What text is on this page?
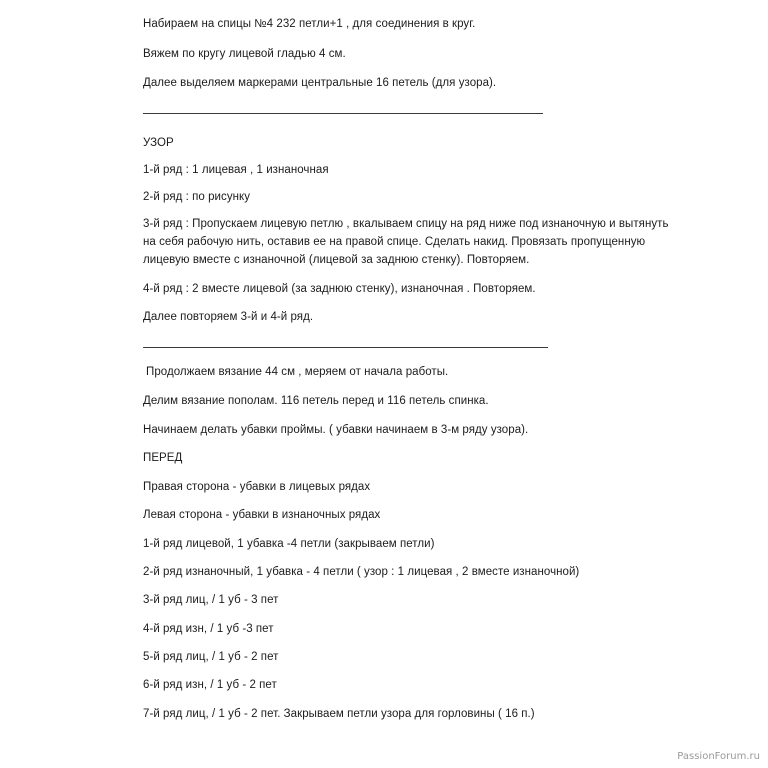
Набираем на спицы №4 232 петли+1 , для соединения в круг.
Вяжем по кругу лицевой гладью 4 см.
Далее выделяем маркерами центральные 16 петель (для узора).
УЗОР
1-й ряд : 1 лицевая , 1 изнаночная
2-й ряд : по рисунку
3-й ряд : Пропускаем лицевую петлю , вкалываем спицу на ряд ниже под изнаночную и вытянуть
на себя рабочую нить, оставив ее на правой спице. Сделать накид. Провязать пропущенную
лицевую вместе с изнаночной (лицевой за заднюю стенку). Повторяем.
4-й ряд : 2 вместе лицевой (за заднюю стенку), изнаночная . Повторяем.
Далее повторяем 3-й и 4-й ряд.
Продолжаем вязание 44 см , меряем от начала работы.
Делим вязание пополам. 116 петель перед и 116 петель спинка.
Начинаем делать убавки проймы. ( убавки начинаем в 3-м ряду узора).
ПЕРЕД
Правая сторона - убавки в лицевых рядах
Левая сторона - убавки в изнаночных рядах
1-й ряд лицевой, 1 убавка -4 петли (закрываем петли)
2-й ряд изнаночный, 1 убавка - 4 петли ( узор : 1 лицевая , 2 вместе изнаночной)
3-й ряд лиц, / 1 уб - 3 пет
4-й ряд изн, / 1 уб -3 пет
5-й ряд лиц, / 1 уб - 2 пет
6-й ряд изн, / 1 уб - 2 пет
7-й ряд лиц, / 1 уб - 2 пет. Закрываем петли узора для горловины ( 16 п.)
PassionForum.ru
